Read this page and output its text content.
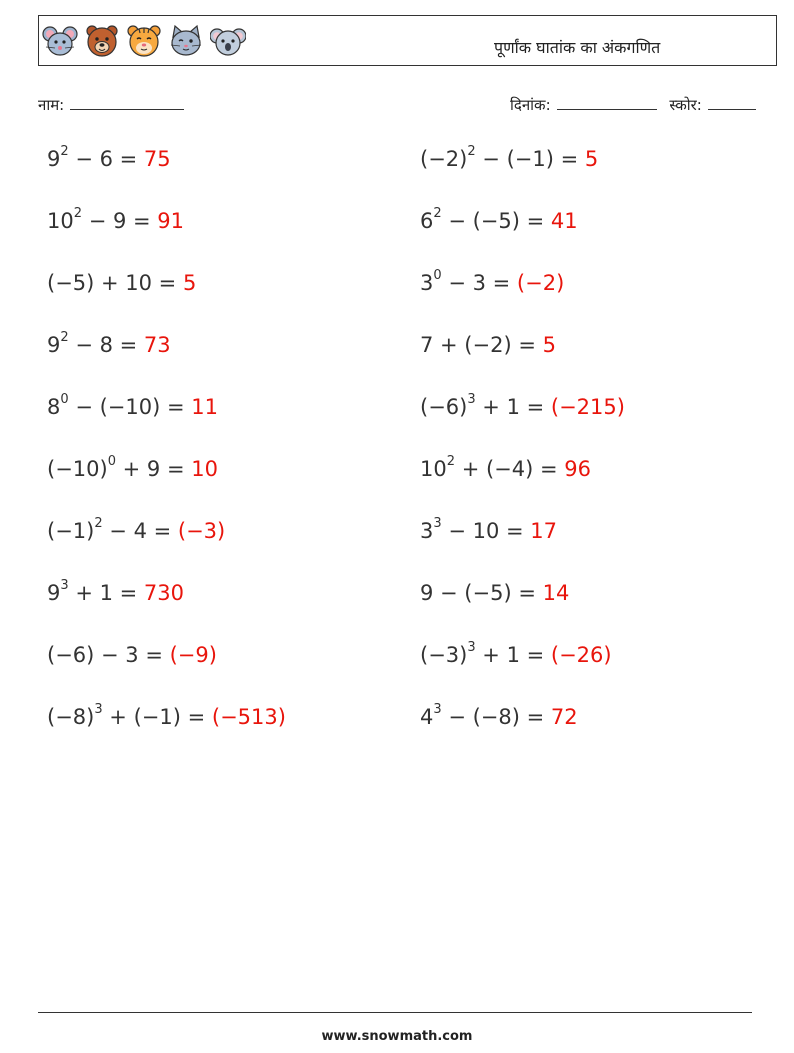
पूर्णांक घातांक का अंकगणित
नाम:	दिनांक:	स्कोर:
$9^2 - 6 = 75$
$10^2 - 9 = 91$
(−5) + 10 = 5
$9^2 - 8 = 73$
$8^0 - (-10) = 11$
$(-10)^0 + 9 = 10$
$(-1)^2 - 4 = (-3)$
$9^3 + 1 = 730$
(−6) − 3 = (−9)
$(-8)^3 + (-1) = (-513)$
$(-2)^2 - (-1) = 5$
$6^2 - (-5) = 41$
$3^0 - 3 = (-2)$
7 + (−2) = 5
$(-6)^3 + 1 = (-215)$
$10^2 + (-4) = 96$
$3^3 - 10 = 17$
9 − (−5) = 14
$(-3)^3 + 1 = (-26)$
$4^3 - (-8) = 72$
www.snowmath.com
